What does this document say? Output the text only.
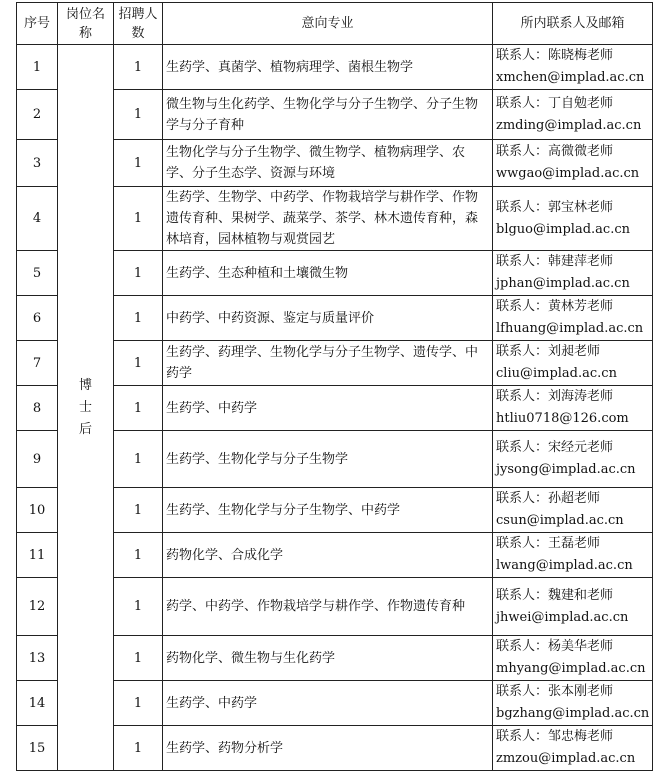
序号	岗位名称	招聘人数	意向专业	所内联系人及邮箱
1	博士后	1	生药学、真菌学、植物病理学、菌根生物学	联系人：陈晓梅老师
xmchen@implad.ac.cn

2		1	微生物与生化药学、生物化学与分子生物学、分子生物学与分子育种	联系人：丁自勉老师
zmding@implad.ac.cn

3		1	生物化学与分子生物学、微生物学、植物病理学、农学、分子生态学、资源与环境	联系人：高微微老师
wwgao@implad.ac.cn

4		1	生药学、生物学、中药学、作物栽培学与耕作学、作物遗传育种、果树学、蔬菜学、茶学、林木遗传育种，森林培育，园林植物与观赏园艺	联系人：郭宝林老师
blguo@implad.ac.cn

5		1	生药学、生态种植和土壤微生物	联系人：韩建萍老师
jphan@implad.ac.cn

6		1	中药学、中药资源、鉴定与质量评价	联系人：黄林芳老师
lfhuang@implad.ac.cn

7		1	生药学、药理学、生物化学与分子生物学、遗传学、中药学	联系人：刘昶老师
cliu@implad.ac.cn

8		1	生药学、中药学	联系人：刘海涛老师
htliu0718@126.com

9		1	生药学、生物化学与分子生物学	联系人：宋经元老师
jysong@implad.ac.cn

10		1	生药学、生物化学与分子生物学、中药学	联系人：孙超老师
csun@implad.ac.cn

11		1	药物化学、合成化学	联系人：王磊老师
lwang@implad.ac.cn

12		1	药学、中药学、作物栽培学与耕作学、作物遗传育种	联系人：魏建和老师
jhwei@implad.ac.cn

13		1	药物化学、微生物与生化药学	联系人：杨美华老师
mhyang@implad.ac.cn

14		1	生药学、中药学	联系人：张本刚老师
bgzhang@implad.ac.cn

15		1	生药学、药物分析学	联系人：邹忠梅老师
zmzou@implad.ac.cn
